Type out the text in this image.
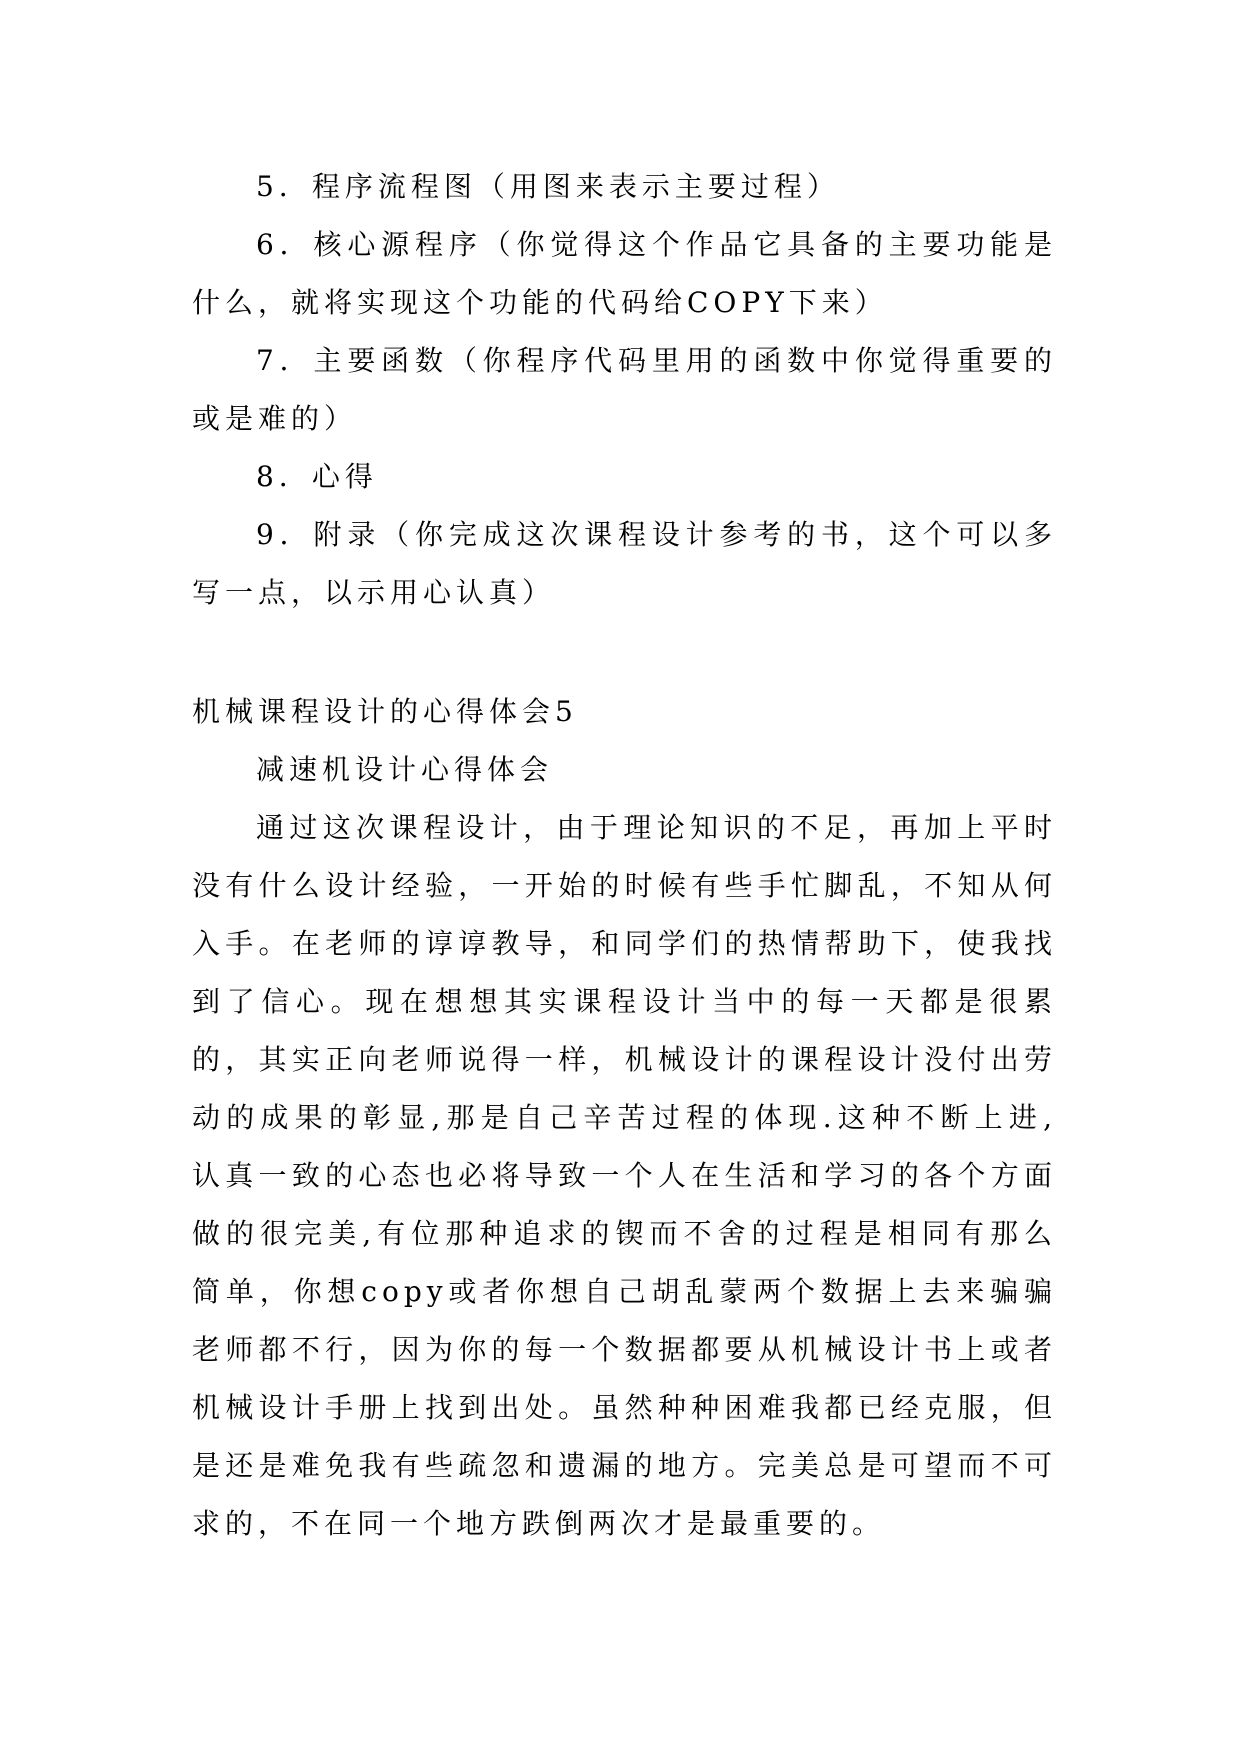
5．程序流程图（用图来表示主要过程）

6．核心源程序（你觉得这个作品它具备的主要功能是什么，就将实现这个功能的代码给COPY下来）

7．主要函数（你程序代码里用的函数中你觉得重要的或是难的）

8．心得

9．附录（你完成这次课程设计参考的书，这个可以多写一点，以示用心认真）

机械课程设计的心得体会5

减速机设计心得体会

通过这次课程设计，由于理论知识的不足，再加上平时没有什么设计经验，一开始的时候有些手忙脚乱，不知从何入手。在老师的谆谆教导，和同学们的热情帮助下，使我找到了信心。现在想想其实课程设计当中的每一天都是很累的，其实正向老师说得一样，机械设计的课程设计没付出劳动的成果的彰显,那是自己辛苦过程的体现.这种不断上进,认真一致的心态也必将导致一个人在生活和学习的各个方面做的很完美,有位那种追求的锲而不舍的过程是相同有那么简单，你想copy或者你想自己胡乱蒙两个数据上去来骗骗老师都不行，因为你的每一个数据都要从机械设计书上或者机械设计手册上找到出处。虽然种种困难我都已经克服，但是还是难免我有些疏忽和遗漏的地方。完美总是可望而不可求的，不在同一个地方跌倒两次才是最重要的。
